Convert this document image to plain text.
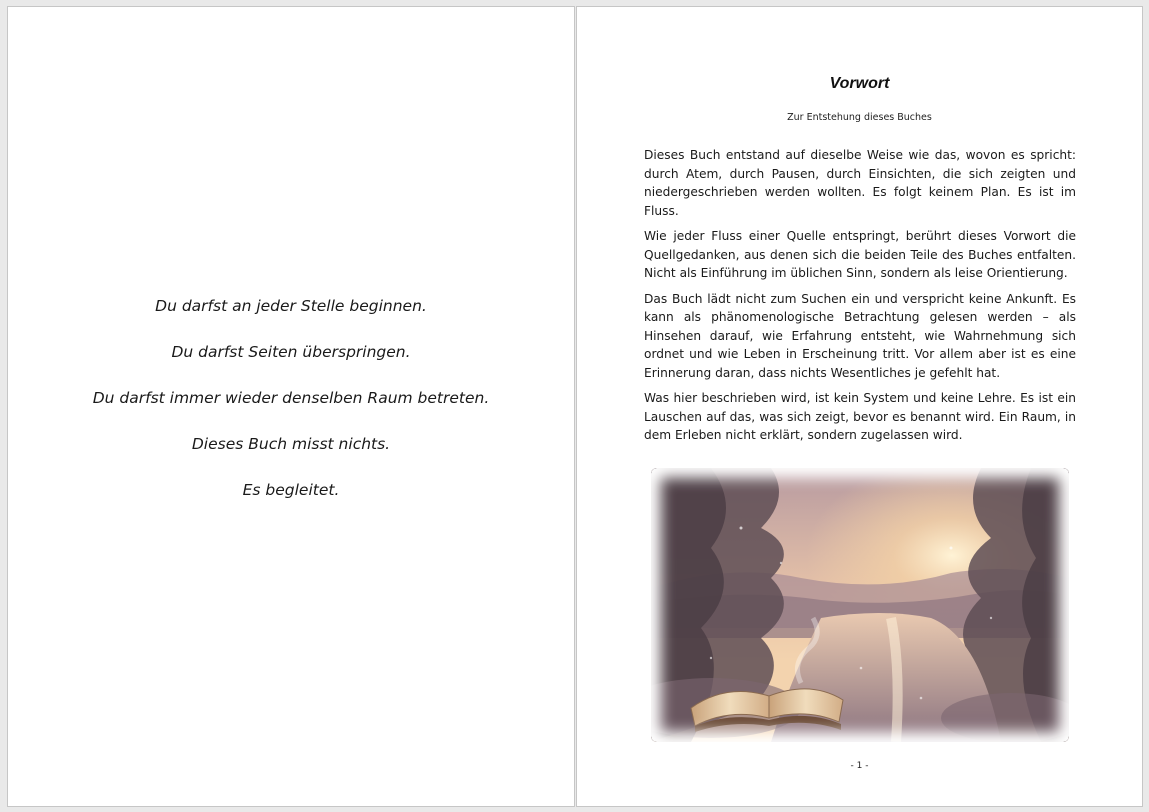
Du darfst an jeder Stelle beginnen.

Du darfst Seiten überspringen.

Du darfst immer wieder denselben Raum betreten.

Dieses Buch misst nichts.

Es begleitet.

Vorwort
Zur Entstehung dieses Buches

Dieses Buch entstand auf dieselbe Weise wie das, wovon es spricht: durch Atem, durch Pausen, durch Einsichten, die sich zeigten und niedergeschrieben werden wollten. Es folgt keinem Plan. Es ist im Fluss.

Wie jeder Fluss einer Quelle entspringt, berührt dieses Vorwort die Quellgedanken, aus denen sich die beiden Teile des Buches entfalten. Nicht als Einführung im üblichen Sinn, sondern als leise Orientierung.

Das Buch lädt nicht zum Suchen ein und verspricht keine Ankunft. Es kann als phänomenologische Betrachtung gelesen werden – als Hinsehen darauf, wie Erfahrung entsteht, wie Wahrnehmung sich ordnet und wie Leben in Erscheinung tritt. Vor allem aber ist es eine Erinnerung daran, dass nichts Wesentliches je gefehlt hat.

Was hier beschrieben wird, ist kein System und keine Lehre. Es ist ein Lauschen auf das, was sich zeigt, bevor es benannt wird. Ein Raum, in dem Erleben nicht erklärt, sondern zugelassen wird.

- 1 -
